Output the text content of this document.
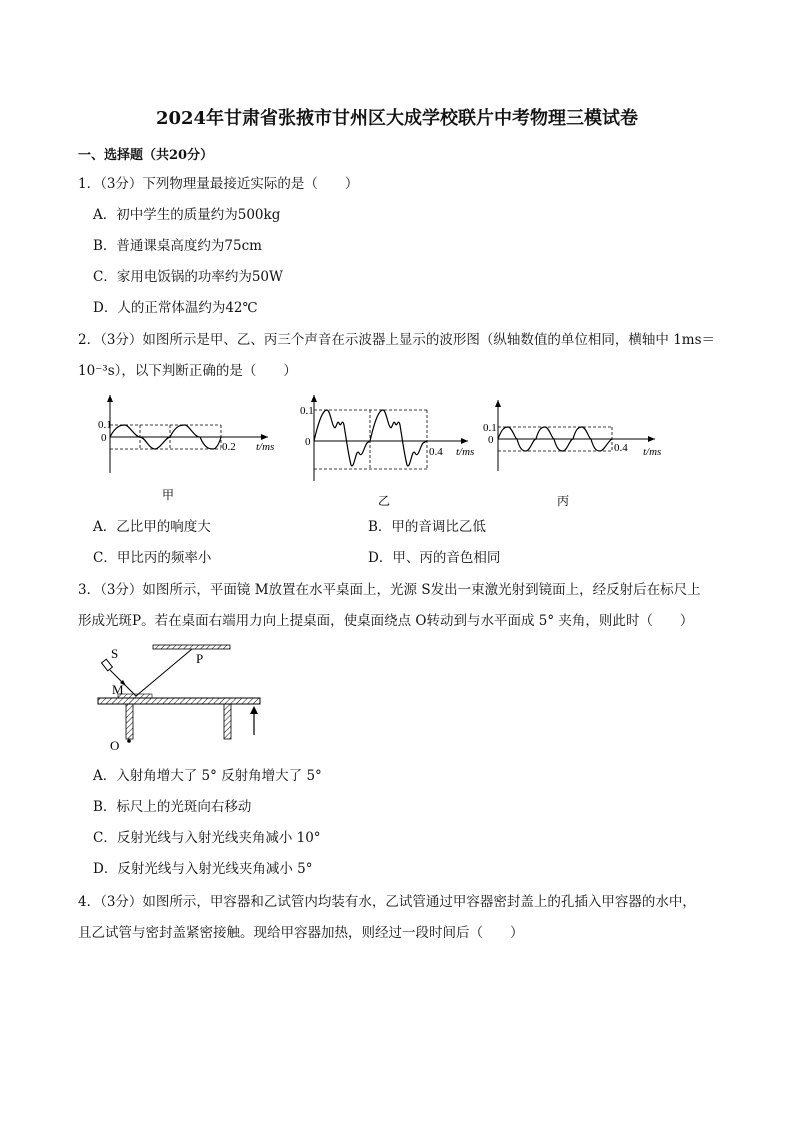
2024年甘肃省张掖市甘州区大成学校联片中考物理三模试卷
一、选择题（共20分）
1．（3分）下列物理量最接近实际的是（　　）
A．初中学生的质量约为500kg
B．普通课桌高度约为75cm
C．家用电饭锅的功率约为50W
D．人的正常体温约为42℃
2．（3分）如图所示是甲、乙、丙三个声音在示波器上显示的波形图（纵轴数值的单位相同，横轴中 1ms＝
10⁻³s），以下判断正确的是（　　）
0.1
0
0.2 t/ms
甲
0.1
0
0.4 t/ms
乙
0.1
0
0.4 t/ms
丙
A．乙比甲的响度大	B．甲的音调比乙低
C．甲比丙的频率小	D．甲、丙的音色相同
3．（3分）如图所示，平面镜 M放置在水平桌面上，光源 S发出一束激光射到镜面上，经反射后在标尺上
形成光斑P。若在桌面右端用力向上提桌面，使桌面绕点 O转动到与水平面成 5° 夹角，则此时（　　）
S	P
M
O
A．入射角增大了 5° 反射角增大了 5°
B．标尺上的光斑向右移动
C．反射光线与入射光线夹角减小 10°
D．反射光线与入射光线夹角减小 5°
4．（3分）如图所示，甲容器和乙试管内均装有水，乙试管通过甲容器密封盖上的孔插入甲容器的水中，
且乙试管与密封盖紧密接触。现给甲容器加热，则经过一段时间后（　　）
